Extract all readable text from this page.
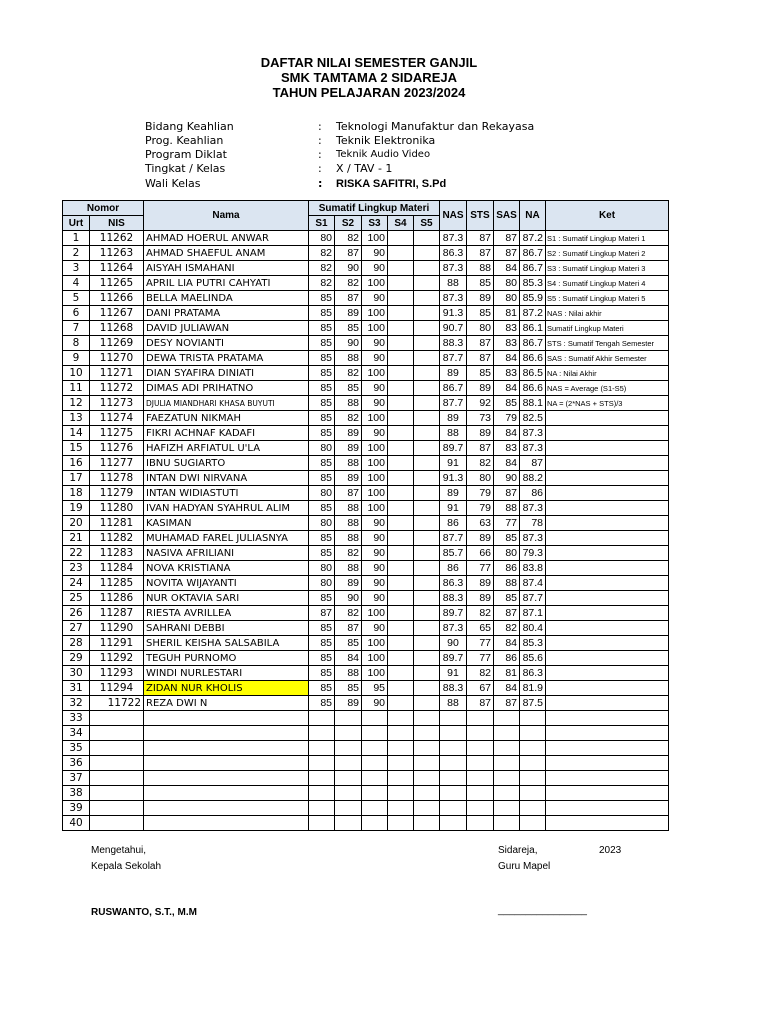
DAFTAR NILAI SEMESTER GANJIL
SMK TAMTAMA 2 SIDAREJA
TAHUN PELAJARAN 2023/2024
Bidang Keahlian	: Teknologi Manufaktur dan Rekayasa
Prog. Keahlian	: Teknik Elektronika
Program Diklat	: Teknik Audio Video
Tingkat / Kelas	: X / TAV - 1
Wali Kelas	: RISKA SAFITRI, S.Pd
Nomor		Nama	Sumatif Lingkup Materi					NAS	STS	SAS	NA	Ket
Urt	NIS		S1	S2	S3	S4	S5					
1	11262	AHMAD HOERUL ANWAR	80	82	100			87.3	87	87	87.2	S1 : Sumatif Lingkup Materi 1
2	11263	AHMAD SHAEFUL ANAM	82	87	90			86.3	87	87	86.7	S2 : Sumatif Lingkup Materi 2
3	11264	AISYAH ISMAHANI	82	90	90			87.3	88	84	86.7	S3 : Sumatif Lingkup Materi 3
4	11265	APRIL LIA PUTRI CAHYATI	82	82	100			88	85	80	85.3	S4 : Sumatif Lingkup Materi 4
5	11266	BELLA MAELINDA	85	87	90			87.3	89	80	85.9	S5 : Sumatif Lingkup Materi 5
6	11267	DANI PRATAMA	85	89	100			91.3	85	81	87.2	NAS : Nilai akhir
7	11268	DAVID JULIAWAN	85	85	100			90.7	80	83	86.1	Sumatif Lingkup Materi
8	11269	DESY NOVIANTI	85	90	90			88.3	87	83	86.7	STS : Sumatif Tengah Semester
9	11270	DEWA TRISTA PRATAMA	85	88	90			87.7	87	84	86.6	SAS : Sumatif Akhir Semester
10	11271	DIAN SYAFIRA DINIATI	85	82	100			89	85	83	86.5	NA : Nilai Akhir
11	11272	DIMAS ADI PRIHATNO	85	85	90			86.7	89	84	86.6	NAS = Average (S1-S5)
12	11273	DJULIA MIANDHARI KHASA BUYUTI	85	88	90			87.7	92	85	88.1	NA = (2*NAS + STS)/3
13	11274	FAEZATUN NIKMAH	85	82	100			89	73	79	82.5	
14	11275	FIKRI ACHNAF KADAFI	85	89	90			88	89	84	87.3	
15	11276	HAFIZH ARFIATUL U'LA	80	89	100			89.7	87	83	87.3	
16	11277	IBNU SUGIARTO	85	88	100			91	82	84	87	
17	11278	INTAN DWI NIRVANA	85	89	100			91.3	80	90	88.2	
18	11279	INTAN WIDIASTUTI	80	87	100			89	79	87	86	
19	11280	IVAN HADYAN SYAHRUL ALIM	85	88	100			91	79	88	87.3	
20	11281	KASIMAN	80	88	90			86	63	77	78	
21	11282	MUHAMAD FAREL JULIASNYA	85	88	90			87.7	89	85	87.3	
22	11283	NASIVA AFRILIANI	85	82	90			85.7	66	80	79.3	
23	11284	NOVA KRISTIANA	80	88	90			86	77	86	83.8	
24	11285	NOVITA WIJAYANTI	80	89	90			86.3	89	88	87.4	
25	11286	NUR OKTAVIA SARI	85	90	90			88.3	89	85	87.7	
26	11287	RIESTA AVRILLEA	87	82	100			89.7	82	87	87.1	
27	11290	SAHRANI DEBBI	85	87	90			87.3	65	82	80.4	
28	11291	SHERIL KEISHA SALSABILA	85	85	100			90	77	84	85.3	
29	11292	TEGUH PURNOMO	85	84	100			89.7	77	86	85.6	
30	11293	WINDI NURLESTARI	85	88	100			91	82	81	86.3	
31	11294	ZIDAN NUR KHOLIS	85	85	95			88.3	67	84	81.9	
32	11722	REZA DWI N	85	89	90			88	87	87	87.5	
33												
34												
35												
36												
37												
38												
39												
40												
Mengetahui,
Kepala Sekolah
RUSWANTO, S.T., M.M
Sidareja,	2023
Guru Mapel
________________
